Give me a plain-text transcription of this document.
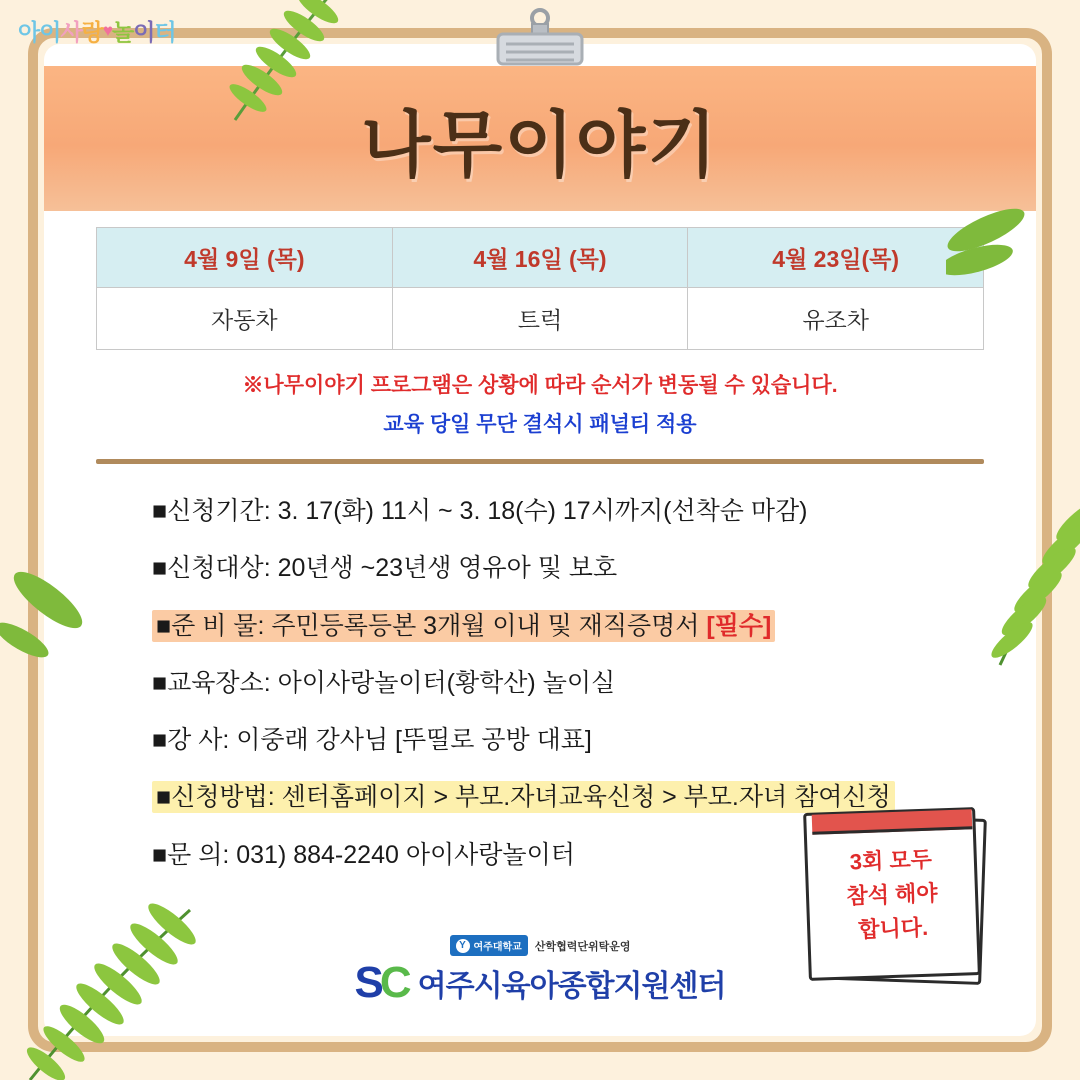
나무이야기
4월 9일 (목)	4월 16일 (목)	4월 23일(목)
자동차	트럭	유조차
※나무이야기 프로그램은 상황에 따라 순서가 변동될 수 있습니다.
교육 당일 무단 결석시 패널티 적용
■신청기간: 3. 17(화) 11시 ~ 3. 18(수) 17시까지(선착순 마감)
■신청대상: 20년생 ~23년생 영유아 및 보호
■준 비 물: 주민등록등본 3개월 이내 및 재직증명서 [필수]
■교육장소: 아이사랑놀이터(황학산) 놀이실
■강 사: 이중래 강사님 [뚜띨로 공방 대표]
■신청방법: 센터홈페이지 > 부모.자녀교육신청 > 부모.자녀 참여신청
■문 의: 031) 884-2240 아이사랑놀이터	3회 모두
참석 해야
합니다.
Y 여주대학교 산학협력단위탁운영
SC 여주시육아종합지원센터
아이사랑♥놀이터
